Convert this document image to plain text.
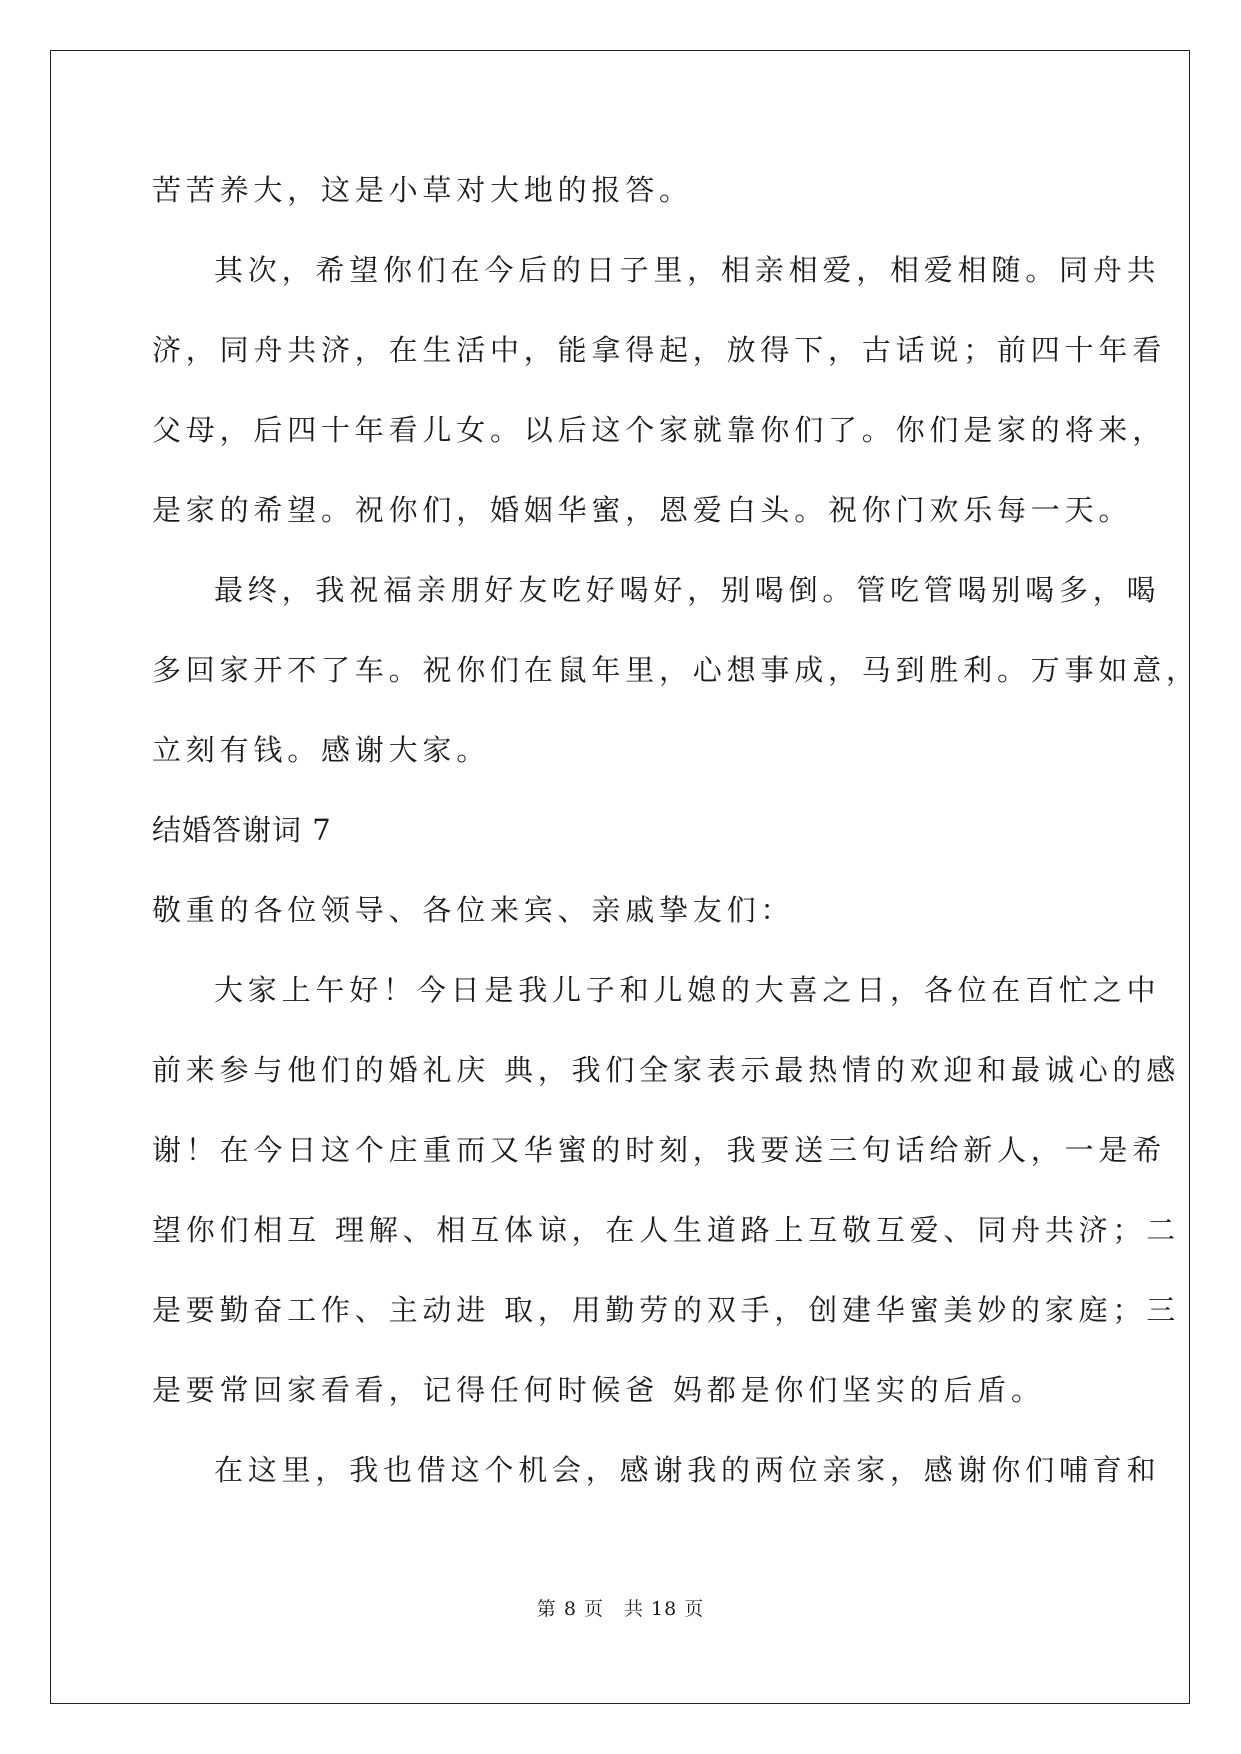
苦苦养大，这是小草对大地的报答。
其次，希望你们在今后的日子里，相亲相爱，相爱相随。同舟共
济，同舟共济，在生活中，能拿得起，放得下，古话说；前四十年看
父母，后四十年看儿女。以后这个家就靠你们了。你们是家的将来，
是家的希望。祝你们，婚姻华蜜，恩爱白头。祝你门欢乐每一天。
最终，我祝福亲朋好友吃好喝好，别喝倒。管吃管喝别喝多，喝
多回家开不了车。祝你们在鼠年里，心想事成，马到胜利。万事如意，
立刻有钱。感谢大家。
结婚答谢词 7
敬重的各位领导、各位来宾、亲戚挚友们：
大家上午好！今日是我儿子和儿媳的大喜之日，各位在百忙之中
前来参与他们的婚礼庆 典，我们全家表示最热情的欢迎和最诚心的感
谢！在今日这个庄重而又华蜜的时刻，我要送三句话给新人，一是希
望你们相互 理解、相互体谅，在人生道路上互敬互爱、同舟共济；二
是要勤奋工作、主动进 取，用勤劳的双手，创建华蜜美妙的家庭；三
是要常回家看看，记得任何时候爸 妈都是你们坚实的后盾。
在这里，我也借这个机会，感谢我的两位亲家，感谢你们哺育和
第 8 页 共 18 页
